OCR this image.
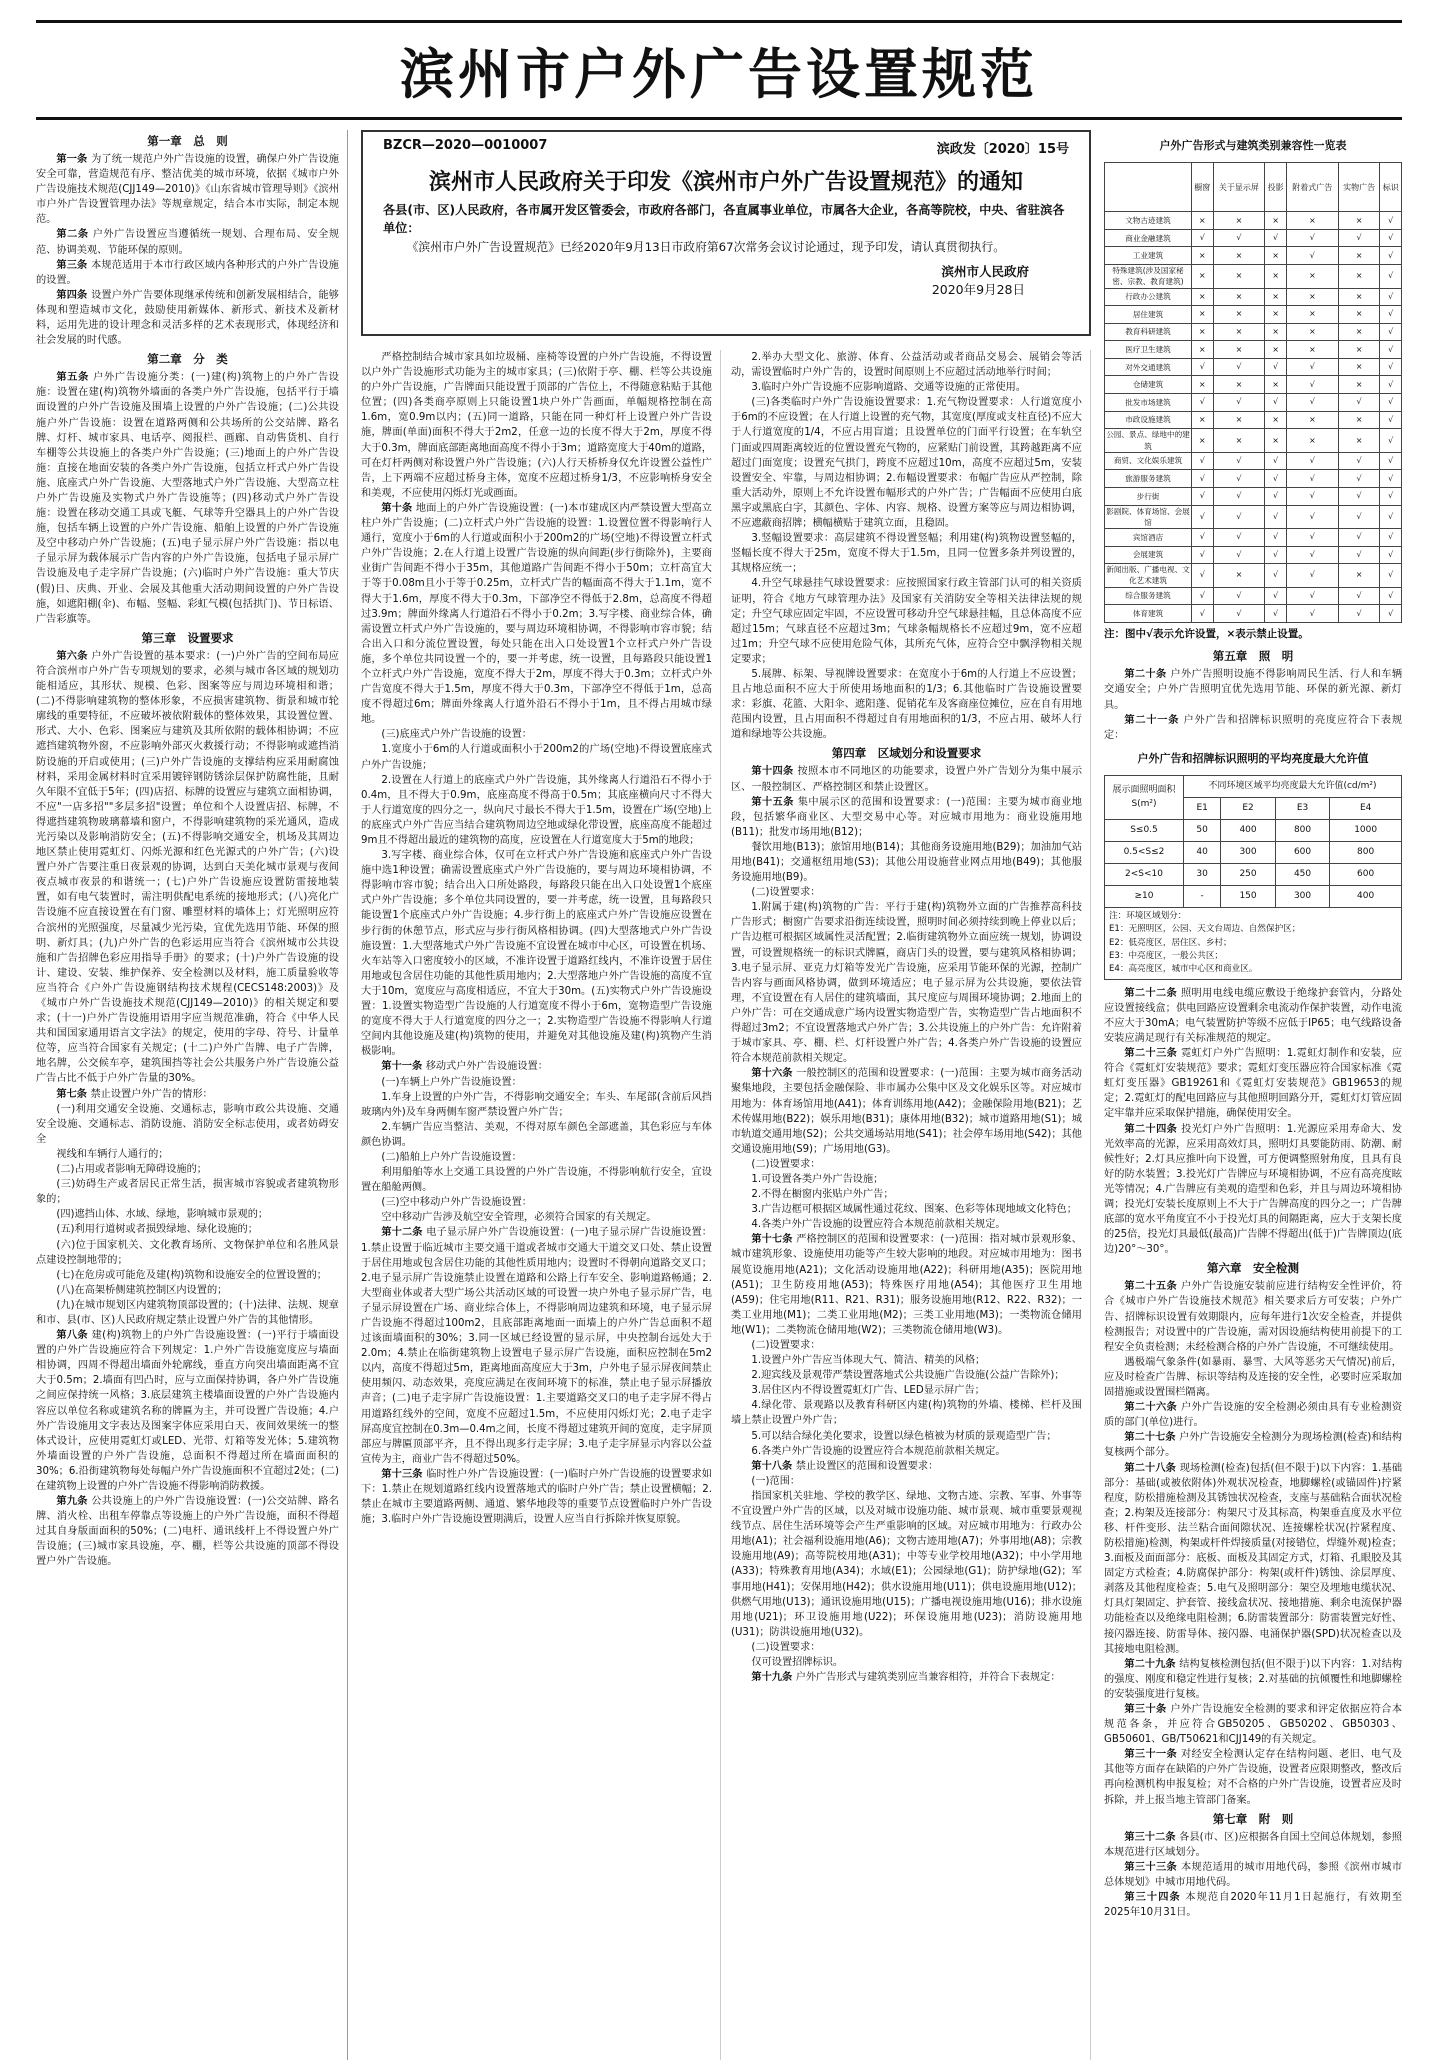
滨州市户外广告设置规范
第一章　总　则
第一条 为了统一规范户外广告设施的设置，确保户外广告设施安全可靠，营造规范有序、整洁优美的城市环境，依据《城市户外广告设施技术规范(CJJ149—2010)》《山东省城市管理导则》《滨州市户外广告设置管理办法》等规章规定，结合本市实际，制定本规范。
第二条 户外广告设置应当遵循统一规划、合理布局、安全规范、协调美观、节能环保的原则。
第三条 本规范适用于本市行政区域内各种形式的户外广告设施的设置。
第四条 设置户外广告要体现继承传统和创新发展相结合，能够体现和塑造城市文化，鼓励使用新媒体、新形式、新技术及新材料，运用先进的设计理念和灵活多样的艺术表现形式，体现经济和社会发展的时代感。
第二章　分　类
第五条 户外广告设施分类：(一)建(构)筑物上的户外广告设施：设置在建(构)筑物外墙面的各类户外广告设施，包括平行于墙面设置的户外广告设施及围墙上设置的户外广告设施；(二)公共设施户外广告设施：设置在道路两侧和公共场所的公交站牌、路名牌、灯杆、城市家具、电话亭、阅报栏、画廊、自动售货机、自行车棚等公共设施上的各类户外广告设施；(三)地面上的户外广告设施：直接在地面安装的各类户外广告设施，包括立杆式户外广告设施、底座式户外广告设施、大型落地式户外广告设施、大型高立柱户外广告设施及实物式户外广告设施等；(四)移动式户外广告设施：设置在移动交通工具或飞艇、气球等升空器具上的户外广告设施，包括车辆上设置的户外广告设施、船舶上设置的户外广告设施及空中移动户外广告设施；(五)电子显示屏户外广告设施：指以电子显示屏为载体展示广告内容的户外广告设施，包括电子显示屏广告设施及电子走字屏广告设施；(六)临时户外广告设施：重大节庆(假)日、庆典、开业、会展及其他重大活动期间设置的户外广告设施，如遮阳棚(伞)、布幅、竖幅、彩虹气模(包括拱门)、节日标语、广告彩旗等。
第三章　设置要求
第六条 户外广告设置的基本要求：(一)户外广告的空间布局应符合滨州市户外广告专项规划的要求，必须与城市各区域的规划功能相适应，其形状、规模、色彩、图案等应与周边环境相和谐；(二)不得影响建筑物的整体形象，不应损害建筑物、街景和城市轮廓线的重要特征，不应破坏被依附载体的整体效果，其设置位置、形式、大小、色彩、图案应与建筑及其所依附的载体相协调；不应遮挡建筑物外窗，不应影响外部灭火救援行动；不得影响或遮挡消防设施的开启或使用；(三)户外广告设施的支撑结构应采用耐腐蚀材料，采用金属材料时宜采用镀锌钢防锈涂层保护防腐性能，且耐久年限不宜低于5年；(四)店招、标牌的设置应与建筑立面相协调，不应"一店多招""多层多招"设置；单位和个人设置店招、标牌，不得遮挡建筑物玻璃幕墙和窗户，不得影响建筑物的采光通风，造成光污染以及影响消防安全；(五)不得影响交通安全，机场及其周边地区禁止使用霓虹灯、闪烁光源和红色光源式的户外广告；(六)设置户外广告要注重日夜景观的协调，达到白天美化城市景观与夜间夜点城市夜景的和谐统一；(七)户外广告设施应设置防雷接地装置，如有电气装置时，需注明供配电系统的接地形式；(八)亮化广告设施不应直接设置在有门窗、雕塑材料的墙体上；灯光照明应符合滨州的光照强度，尽量减少光污染，宜优先选用节能、环保的照明、新灯具；(九)户外广告的色彩运用应当符合《滨州城市公共设施和广告招牌色彩应用指导手册》的要求；(十)户外广告设施的设计、建设、安装、维护保养、安全检测以及材料，施工质量验收等应当符合《户外广告设施钢结构技术规程(CECS148:2003)》及《城市户外广告设施技术规范(CJJ149—2010)》的相关规定和要求；(十一)户外广告设施用语用字应当规范准确，符合《中华人民共和国国家通用语言文字法》的规定，使用的字母、符号、计量单位等，应当符合国家有关规定；(十二)户外广告牌、电子广告牌，地名牌，公交候车亭，建筑围挡等社会公共服务户外广告设施公益广告占比不低于户外广告量的30%。
第七条 禁止设置户外广告的情形：
(一)利用交通安全设施、交通标志，影响市政公共设施、交通安全设施、交通标志、消防设施、消防安全标志使用，或者妨碍安全
视线和车辆行人通行的；
(二)占用或者影响无障碍设施的；
(三)妨碍生产或者居民正常生活，损害城市容貌或者建筑物形象的；
(四)遮挡山体、水域、绿地，影响城市景观的；
(五)利用行道树或者损毁绿地、绿化设施的；
(六)位于国家机关、文化教育场所、文物保护单位和名胜风景点建设控制地带的；
(七)在危房或可能危及建(构)筑物和设施安全的位置设置的；
(八)在高架桥侧建筑控制区内设置的；
(九)在城市规划区内建筑物顶部设置的；(十)法律、法规、规章和市、县(市、区)人民政府规定禁止设置户外广告的其他情形。
第八条 建(构)筑物上的户外广告设施设置：(一)平行于墙面设置的户外广告设施应符合下列规定：1.户外广告设施宽度应与墙面相协调，四周不得超出墙面外轮廓线，垂直方向突出墙面距离不宜大于0.5m；2.墙面有凹凸时，应与立面保持协调，各户外广告设施之间应保持统一风格；3.底层建筑主楼墙面设置的户外广告设施内容应以单位名称或建筑名称的牌匾为主，并可设置广告设施；4.户外广告设施用文字表达及图案字体应采用白天、夜间效果统一的整体式设计，应使用霓虹灯或LED、光带、灯箱等发光体；5.建筑物外墙面设置的户外广告设施，总面积不得超过所在墙面面积的30%；6.沿街建筑物每处每幅户外广告设施面积不宜超过2处；(二)在建筑物上设置的户外广告设施不得影响消防救援。
第九条 公共设施上的户外广告设施设置：(一)公交站牌、路名牌、消火栓、出租车停靠点等设施上的户外广告设施，面积不得超过其自身版面面积的50%；(二)电杆、通讯线杆上不得设置户外广告设施；(三)城市家具设施，亭、棚，栏等公共设施的顶部不得设置户外广告设施。
BZCR—2020—0010007	滨政发〔2020〕15号
滨州市人民政府关于印发《滨州市户外广告设置规范》的通知
各县(市、区)人民政府，各市属开发区管委会，市政府各部门，各直属事业单位，市属各大企业，各高等院校，中央、省驻滨各单位：
《滨州市户外广告设置规范》已经2020年9月13日市政府第67次常务会议讨论通过，现予印发，请认真贯彻执行。
滨州市人民政府
2020年9月28日
严格控制结合城市家具如垃圾桶、座椅等设置的户外广告设施，不得设置以户外广告设施形式功能为主的城市家具；(三)依附于亭、棚、栏等公共设施的户外广告设施，广告牌面只能设置于顶部的广告位上，不得随意粘贴于其他位置；(四)各类商亭原则上只能设置1块户外广告画面，单幅规格控制在高1.6m，宽0.9m以内；(五)同一道路，只能在同一种灯杆上设置户外广告设施，牌面(单面)面积不得大于2m2，任意一边的长度不得大于2m，厚度不得大于0.3m，牌面底部距离地面高度不得小于3m；道路宽度大于40m的道路，可在灯杆两侧对称设置户外广告设施；(六)人行天桥桥身仅允许设置公益性广告，上下两端不应超过桥身主体，宽度不应超过桥身1/3，不应影响桥身安全和美观，不应使用闪烁灯光或画面。
第十条 地面上的户外广告设施设置：(一)本市建成区内严禁设置大型高立柱户外广告设施；(二)立杆式户外广告设施的设置：1.设置位置不得影响行人通行，宽度小于6m的人行道或面积小于200m2的广场(空地)不得设置立杆式户外广告设施；2.在人行道上设置广告设施的纵向间距(步行街除外)，主要商业街广告间距不得小于35m，其他道路广告间距不得小于50m；立杆高宜大于等于0.08m且小于等于0.25m，立杆式广告的幅面高不得大于1.1m，宽不得大于1.6m，厚度不得大于0.3m，下部净空不得低于2.8m，总高度不得超过3.9m；牌面外缘离人行道沿石不得小于0.2m；3.写字楼、商业综合体，确需设置立杆式户外广告设施的，要与周边环境相协调，不得影响市容市貌；结合出入口和分流位置设置，每处只能在出入口处设置1个立杆式户外广告设施，多个单位共同设置一个的，要一并考虑，统一设置，且每路段只能设置1个立杆式户外广告设施，宽度不得大于2m，厚度不得大于0.3m；立杆式户外广告宽度不得大于1.5m，厚度不得大于0.3m，下部净空不得低于1m，总高度不得超过6m；牌面外缘离人行道外沿石不得小于1m，且不得占用城市绿地。
(三)底座式户外广告设施的设置：
1.宽度小于6m的人行道或面积小于200m2的广场(空地)不得设置底座式户外广告设施；
2.设置在人行道上的底座式户外广告设施，其外缘离人行道沿石不得小于0.4m，且不得大于0.9m，底座高度不得高于0.5m；其底座横向尺寸不得大于人行道宽度的四分之一，纵向尺寸最长不得大于1.5m，设置在广场(空地)上的底座式户外广告应当结合建筑物周边空地或绿化带设置，底座高度不能超过9m且不得超出最近的建筑物的高度，应设置在人行道宽度大于5m的地段；
3.写字楼、商业综合体，仅可在立杆式户外广告设施和底座式户外广告设施中选1种设置；确需设置底座式户外广告设施的，要与周边环境相协调，不得影响市容市貌；结合出入口所处路段，每路段只能在出入口处设置1个底座式户外广告设施；多个单位共同设置的，要一并考虑，统一设置，且每路段只能设置1个底座式户外广告设施；4.步行街上的底座式户外广告设施应设置在步行街的休憩节点，形式应与步行街风格相协调。(四)大型落地式户外广告设施设置：1.大型落地式户外广告设施不宜设置在城市中心区，可设置在机场、火车站等入口密度较小的区域，不准许设置于道路红线内，不准许设置于居住用地或包含居住功能的其他性质用地内；2.大型落地户外广告设施的高度不宜大于10m，宽度应与高度相适应，不宜大于30m。(五)实物式户外广告设施设置：1.设置实物造型广告设施的人行道宽度不得小于6m，宽物造型广告设施的宽度不得大于人行道宽度的四分之一；2.实物造型广告设施不得影响人行道空间内其他设施及建(构)筑物的使用，并避免对其他设施及建(构)筑物产生消极影响。
第十一条 移动式户外广告设施设置：
(一)车辆上户外广告设施设置：
1.车身上设置的户外广告，不得影响交通安全；车头、车尾部(含前后风挡玻璃内外)及车身两侧车窗严禁设置户外广告；
2.车辆广告应当整洁、美观，不得对原车颜色全部遮盖，其色彩应与车体颜色协调。
(二)船舶上户外广告设施设置：
利用船舶等水上交通工具设置的户外广告设施，不得影响航行安全，宜设置在船舱两侧。
(三)空中移动户外广告设施设置：
空中移动广告涉及航空安全管理，必须符合国家的有关规定。
第十二条 电子显示屏户外广告设施设置：(一)电子显示屏广告设施设置：1.禁止设置于临近城市主要交通干道或者城市交通大干道交叉口处、禁止设置于居住用地或包含居住功能的其他性质用地内；设置时不得朝向道路交叉口；2.电子显示屏广告设施禁止设置在道路和公路上行车安全、影响道路畅通；2.大型商业体或者大型广场公共活动区域的可设置一块户外电子显示屏广告，电子显示屏设置在广场、商业综合体上，不得影响周边建筑和环境，电子显示屏广告设施不得超过100m2，且底部距离地面一面墙上的户外广告总面积不超过该面墙面积的30%；3.同一区域已经设置的显示屏，中央控制台远处大于2.0m；4.禁止在临街建筑物上设置电子显示屏广告设施，面积应控制在5m2以内，高度不得超过5m，距离地面高度应大于3m，户外电子显示屏夜间禁止使用频闪、动态效果，亮度应满足在夜间环境下的标准，禁止电子显示屏播放声音；(二)电子走字屏广告设施设置：1.主要道路交叉口的电子走字屏不得占用道路红线外的空间，宽度不应超过1.5m，不应使用闪烁灯光；2.电子走字屏高度宜控制在0.3m—0.4m之间，长度不得超过建筑开间的宽度，走字屏顶部应与牌匾顶部平齐，且不得出现多行走字屏；3.电子走字屏显示内容以公益宣传为主，商业广告不得超过50%。
第十三条 临时性户外广告设施设置：(一)临时户外广告设施的设置要求如下：1.禁止在规划道路红线内设置落地式的临时户外广告；禁止设置横幅；2.禁止在城市主要道路两侧、通道、繁华地段等的重要节点设置临时户外广告设施；3.临时户外广告设施设置期满后，设置人应当自行拆除并恢复原貌。
2.举办大型文化、旅游、体育、公益活动或者商品交易会、展销会等活动，需设置临时户外广告的，设置时间原则上不应超过活动地举行时间；
3.临时户外广告设施不应影响道路、交通等设施的正常使用。
(三)各类临时户外广告设施设置要求：1.充气物设置要求：人行道宽度小于6m的不应设置；在人行道上设置的充气物，其宽度(厚度或支柱直径)不应大于人行道宽度的1/4，不应占用盲道；且设置单位的门面平行设置；在车轨空门面或四周距离较近的位置设置充气物的，应紧贴门前设置，其跨越距离不应超过门面宽度；设置充气拱门，跨度不应超过10m，高度不应超过5m，安装设置安全、牢靠，与周边相协调；2.布幅设置要求：布幅广告应从严控制，除重大活动外，原则上不允许设置布幅形式的户外广告；广告幅面不应使用白底黑字或黑底白字，其颜色、字体、内容、规格、设置方案等应与周边相协调，不应遮蔽商招牌；横幅横贴于建筑立面，且稳固。
3.竖幅设置要求：高层建筑不得设置竖幅；利用建(构)筑物设置竖幅的，竖幅长度不得大于25m，宽度不得大于1.5m，且同一位置多条并列设置的，其规格应统一；
4.升空气球悬挂气球设置要求：应按照国家行政主管部门认可的相关资质证明，符合《地方气球管理办法》及国家有关消防安全等相关法律法规的规定；升空气球应固定牢固，不应设置可移动升空气球悬挂幅，且总体高度不应超过15m；气球直径不应超过3m；气球条幅规格长不应超过9m，宽不应超过1m；升空气球不应使用危险气体，其所充气体，应符合空中飘浮物相关规定要求；
5.展牌、标架、导视牌设置要求：在宽度小于6m的人行道上不应设置；且占地总面积不应大于所使用场地面积的1/3；6.其他临时广告设施设置要求：彩旗、花篮、大阳伞、遮阳蓬、促销花车及客商座位摊位，应在自有用地范围内设置，且占用面积不得超过自有用地面积的1/3，不应占用、破坏人行道和绿地等公共设施。
第四章　区域划分和设置要求
第十四条 按照本市不同地区的功能要求，设置户外广告划分为集中展示区、一般控制区、严格控制区和禁止设置区。
第十五条 集中展示区的范围和设置要求：(一)范围：主要为城市商业地段，包括繁华商业区、大型交易中心等。对应城市用地为：商业设施用地(B11)；批发市场用地(B12)；
餐饮用地(B13)；旅馆用地(B14)；其他商务设施用地(B29)；加油加气站用地(B41)；交通枢纽用地(S3)；其他公用设施营业网点用地(B49)；其他服务设施用地(B9)。
(二)设置要求：
1.附属于建(构)筑物的广告：平行于建(构)筑物外立面的广告推荐高科技广告形式；橱窗广告要求沿街连续设置，照明时间必须持续到晚上停业以后；广告边框可根据区域属性灵活配置；2.临街建筑物外立面应统一规划，协调设置，可设置规格统一的标识式牌匾，商店门头的设置，要与建筑风格相协调；3.电子显示屏、亚克力灯箱等发光广告设施，应采用节能环保的光源，控制广告内容与画面风格协调，做到环境适应；电子显示屏为公共设施，要依法管理，不宜设置在有人居住的建筑墙面，其尺度应与周围环境协调；2.地面上的户外广告：可在交通成意广场内设置实物造型广告，实物造型广告占地面积不得超过3m2；不宜设置落地式户外广告；3.公共设施上的户外广告：允许附着于城市家具、亭、棚、栏、灯杆设置户外广告；4.各类户外广告设施的设置应符合本规范前款相关规定。
第十六条 一般控制区的范围和设置要求：(一)范围：主要为城市商务活动聚集地段，主要包括金融保险、非市属办公集中区及文化娱乐区等。对应城市用地为：体育场馆用地(A41)；体育训练用地(A42)；金融保险用地(B21)；艺术传媒用地(B22)；娱乐用地(B31)；康体用地(B32)；城市道路用地(S1)；城市轨道交通用地(S2)；公共交通场站用地(S41)；社会停车场用地(S42)；其他交通设施用地(S9)；广场用地(G3)。
(二)设置要求：
1.可设置各类户外广告设施；
2.不得在橱窗内张贴户外广告；
3.广告边框可根据区域属性通过花纹、图案、色彩等体现地域文化特色；
4.各类户外广告设施的设置应符合本规范前款相关规定。
第十七条 严格控制区的范围和设置要求：(一)范围：指对城市景观形象、城市建筑形象、设施使用功能等产生较大影响的地段。对应城市用地为：图书展览设施用地(A21)；文化活动设施用地(A22)；科研用地(A35)；医院用地(A51)；卫生防疫用地(A53)；特殊医疗用地(A54)；其他医疗卫生用地(A59)；住宅用地(R11、R21、R31)；服务设施用地(R12、R22、R32)；一类工业用地(M1)；二类工业用地(M2)；三类工业用地(M3)；一类物流仓储用地(W1)；二类物流仓储用地(W2)；三类物流仓储用地(W3)。
(二)设置要求：
1.设置户外广告应当体现大气、简洁、精美的风格；
2.迎宾线及景观带严禁设置落地式公共设施广告设施(公益广告除外)；
3.居住区内不得设置霓虹灯广告、LED显示屏广告；
4.绿化带、景观路以及教育科研区内建(构)筑物的外墙、楼梯、栏杆及围墙上禁止设置户外广告；
5.可以结合绿化美化要求，设置以绿色植被为材质的景观造型广告；
6.各类户外广告设施的设置应符合本规范前款相关规定。
第十八条 禁止设置区的范围和设置要求：
(一)范围：
指国家机关驻地、学校的教学区、绿地、文物古迹、宗教、军事、外事等不宜设置户外广告的区域，以及对城市设施功能、城市景观、城市重要景观视线节点、居住生活环境等会产生严重影响的区域。对应城市用地为：行政办公用地(A1)；社会福利设施用地(A6)；文物古迹用地(A7)；外事用地(A8)；宗教设施用地(A9)；高等院校用地(A31)；中等专业学校用地(A32)；中小学用地(A33)；特殊教育用地(A34)；水域(E1)；公园绿地(G1)；防护绿地(G2)；军事用地(H41)；安保用地(H42)；供水设施用地(U11)；供电设施用地(U12)；供燃气用地(U13)；通讯设施用地(U15)；广播电视设施用地(U16)；排水设施用地(U21)；环卫设施用地(U22)；环保设施用地(U23)；消防设施用地(U31)；防洪设施用地(U32)。
(二)设置要求：
仅可设置招牌标识。
第十九条 户外广告形式与建筑类别应当兼容相符，并符合下表规定：
户外广告形式与建筑类别兼容性一览表
	橱窗	关于显示屏	投影	附着式广告	实物广告	标识
文物古迹建筑	×	×	×	×	×	√
商业金融建筑	√	√	√	√	√	√
工业建筑	×	×	×	√	×	√
特殊建筑(涉及国家秘密、宗教、教育建筑)	×	×	×	×	×	√
行政办公建筑	×	×	×	×	×	√
居住建筑	×	×	×	×	×	√
教育科研建筑	×	×	×	×	×	√
医疗卫生建筑	×	×	×	×	×	√
对外交通建筑	√	√	√	√	×	√
仓储建筑	×	×	×	√	×	√
批发市场建筑	√	√	√	√	√	√
市政设施建筑	×	×	×	×	×	√
公园、景点、绿地中的建筑	×	×	×	×	×	√
商贸、文化娱乐建筑	√	√	√	√	√	√
旅游服务建筑	√	√	√	√	√	√
步行街	√	√	√	√	√	√
影剧院、体育场馆、会展馆	√	√	√	√	√	√
宾馆酒店	√	√	√	√	√	√
会展建筑	√	√	√	√	√	√
新闻出版、广播电视、文化艺术建筑	√	×	√	√	×	√
综合服务建筑	√	√	√	√	√	√
体育建筑	√	√	√	√	√	√
注：图中√表示允许设置，×表示禁止设置。
第五章　照　明
第二十条 户外广告照明设施不得影响周民生活、行人和车辆交通安全；户外广告照明宜优先选用节能、环保的新光源、新灯具。
第二十一条 户外广告和招牌标识照明的亮度应符合下表规定：
户外广告和招牌标识照明的平均亮度最大允许值
展示面照明面积S(m²)	不同环境区域平均亮度最大允许值(cd/m²)			
	E1	E2	E3	E4
S≤0.5	50	400	800	1000
0.5<S≤2	40	300	600	800
2<S<10	30	250	450	600
≥10	-	150	300	400
注：环境区域划分：
E1：无照明区，公园、天文台周边、自然保护区；
E2：低亮度区，居住区、乡村；
E3：中亮度区，一般公共区；
E4：高亮度区，城市中心区和商业区。
第二十二条 照明用电线电缆应敷设于绝缘护套管内，分路处应设置接线盒；供电回路应设置剩余电流动作保护装置，动作电流不应大于30mA；电气装置防护等级不应低于IP65；电气线路设备安装应满足现行有关标准规范的规定。
第二十三条 霓虹灯户外广告照明：1.霓虹灯制作和安装，应符合《霓虹灯安装规范》要求；霓虹灯变压器应符合国家标准《霓虹灯变压器》GB19261和《霓虹灯安装规范》GB19653的规定；2.霓虹灯的配电回路应与其他照明回路分开，霓虹灯灯管应固定牢靠并应采取保护措施，确保使用安全。
第二十四条 投光灯户外广告照明：1.光源应采用寿命大、发光效率高的光源，应采用高效灯具，照明灯具要能防雨、防潮、耐候性好；2.灯具应推叶向下设置，可方便调整照射角度，且具有良好的防水装置；3.投光灯广告牌应与环境相协调，不应有高亮度眩光等情况；4.广告牌应有美观的造型和色彩，并且与周边环境相协调；投光灯安装长度原则上不大于广告牌高度的四分之一；广告牌底部的宽水平角度宜不小于投光灯具的间隔距离，应大于支架长度的25倍，投光灯具最低(最高)广告牌不得超出(低于)广告牌顶边(底边)20°～30°。
第六章　安全检测
第二十五条 户外广告设施安装前应进行结构安全性评价，符合《城市户外广告设施技术规范》相关要求后方可安装；户外广告、招牌标识设置有效期限内，应每年进行1次安全检查，并提供检测报告；对设置中的广告设施，需对因设施结构使用前提下的工程安全负责检测；未经检测合格的户外广告设施，不可继续使用。
遇极端气象条件(如暴雨、暴雪、大风等恶劣天气情况)前后，应及时检查广告牌、标识等结构及连接的安全性，必要时应采取加固措施或设置围栏隔离。
第二十六条 户外广告设施的安全检测必须由具有专业检测资质的部门(单位)进行。
第二十七条 户外广告设施安全检测分为现场检测(检查)和结构复核两个部分。
第二十八条 现场检测(检查)包括(但不限于)以下内容：1.基础部分：基础(或被依附体)外观状况检查，地脚螺栓(或锚固件)拧紧程度，防松措施检测及其锈蚀状况检查，支座与基础粘合面状况检查；2.构架及连接部分：构架尺寸及其标高，构架垂直度及水平位移、杆件变形、法兰粘合面间隙状况、连接螺栓状况(拧紧程度、防松措施)检测，构架或杆件焊接质量(对接错位，焊缝外观)检查；3.面板及面面部分：底板、面板及其固定方式，灯箱、孔眼胶及其固定方式检查；4.防腐保护部分：构架(或杆件)锈蚀、涂层厚度、剥落及其他程度检查；5.电气及照明部分：架空及埋地电缆状况、灯具灯架固定、护套管、接线盒状况、接地措施、剩余电流保护器功能检查以及绝缘电阻检测；6.防雷装置部分：防雷装置完好性、接闪器连接、防雷导体、接闪器、电涌保护器(SPD)状况检查以及其接地电阻检测。
第二十九条 结构复核检测包括(但不限于)以下内容：1.对结构的强度、刚度和稳定性进行复核；2.对基础的抗倾覆性和地脚螺栓的安装强度进行复核。
第三十条 户外广告设施安全检测的要求和评定依据应符合本规范各条，并应符合GB50205、GB50202、GB50303、GB50601、GB/T50621和CJJ149的有关规定。
第三十一条 对经安全检测认定存在结构问题、老旧、电气及其他等方面存在缺陷的户外广告设施，设置者应限期整改，整改后再向检测机构申报复检；对不合格的户外广告设施，设置者应及时拆除，并上报当地主管部门备案。
第七章　附　则
第三十二条 各县(市、区)应根据各自国土空间总体规划，参照本规范进行区域划分。
第三十三条 本规范适用的城市用地代码，参照《滨州市城市总体规划》中城市用地代码。
第三十四条 本规范自2020年11月1日起施行，有效期至2025年10月31日。
